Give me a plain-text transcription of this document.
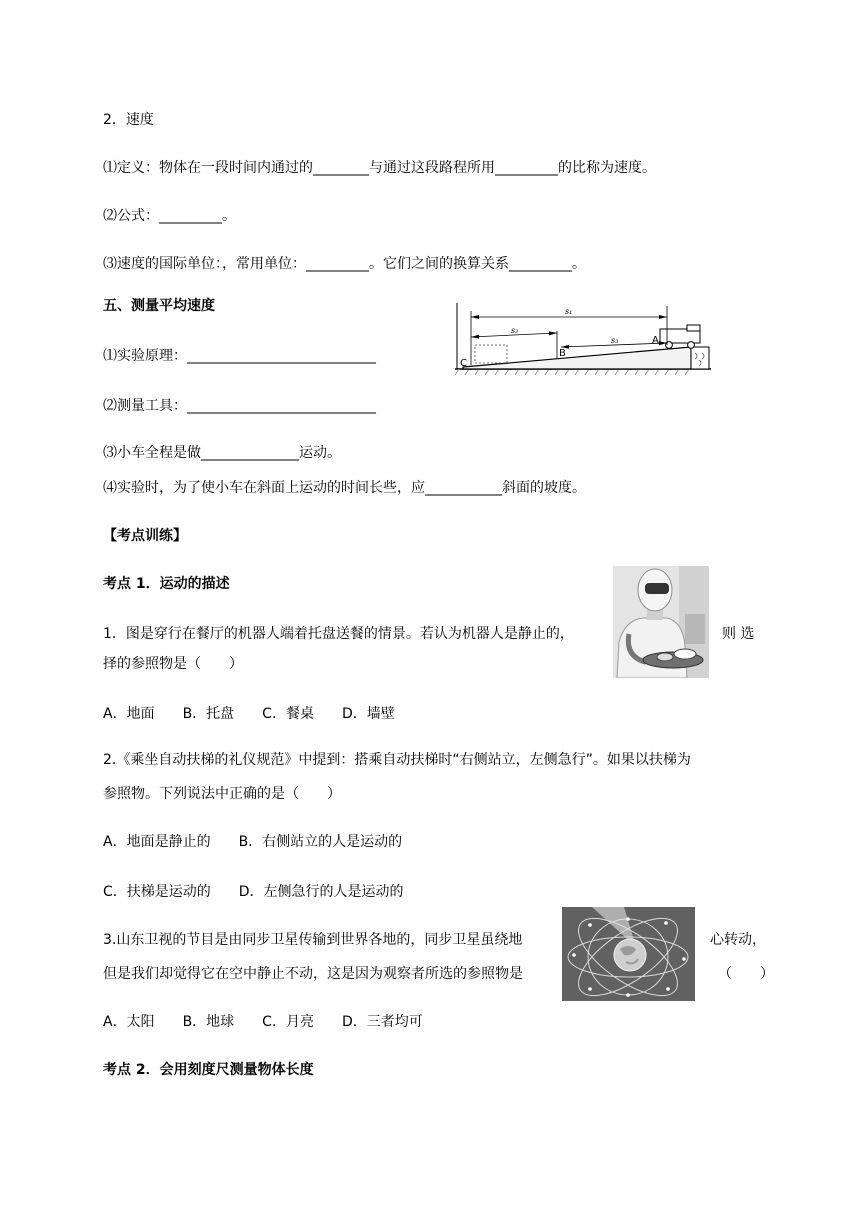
2．速度
⑴定义：物体在一段时间内通过的________与通过这段路程所用_________的比称为速度。
⑵公式：_________。
⑶速度的国际单位：，常用单位：_________。它们之间的换算关系_________。
五、测量平均速度
⑴实验原理：___________________________
⑵测量工具：___________________________
⑶小车全程是做______________运动。
⑷实验时，为了使小车在斜面上运动的时间长些，应___________斜面的坡度。
s₁
s₂
s₃	A
B
C
【考点训练】
考点 1．运动的描述
1．图是穿行在餐厅的机器人端着托盘送餐的情景。若认为机器人是静止的，	则 选
择的参照物是（　　）
A．地面　　B．托盘　　C．餐桌　　D．墙壁
2.《乘坐自动扶梯的礼仪规范》中提到：搭乘自动扶梯时“右侧站立，左侧急行”。如果以扶梯为
参照物。下列说法中正确的是（　　）
A．地面是静止的　　B．右侧站立的人是运动的
C．扶梯是运动的　　D．左侧急行的人是运动的
3.山东卫视的节目是由同步卫星传输到世界各地的，同步卫星虽绕地	心转动，
但是我们却觉得它在空中静止不动，这是因为观察者所选的参照物是	（　　）
A．太阳　　B．地球　　C．月亮　　D．三者均可
考点 2．会用刻度尺测量物体长度
